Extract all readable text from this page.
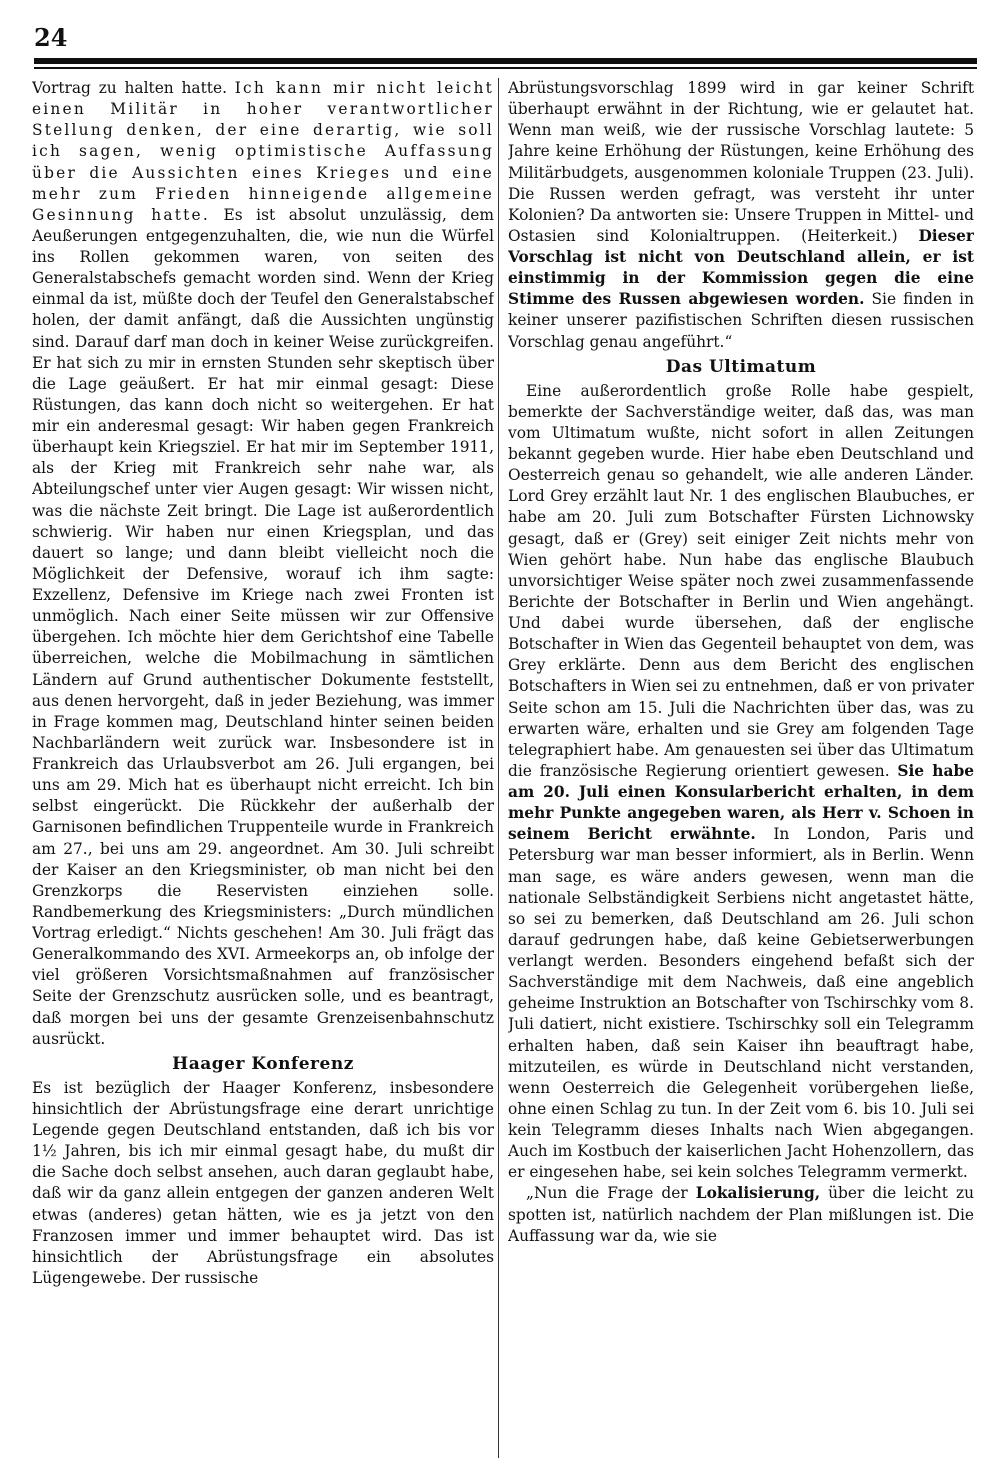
24

Vortrag zu halten hatte. Ich kann mir nicht leicht einen Militär in hoher verantwortlicher Stellung denken, der eine derartig, wie soll ich sagen, wenig optimistische Auffassung über die Aussichten eines Krieges und eine mehr zum Frieden hinneigende allgemeine Gesinnung hatte. Es ist absolut unzulässig, dem Aeußerungen entgegenzuhalten, die, wie nun die Würfel ins Rollen gekommen waren, von seiten des Generalstabschefs gemacht worden sind. Wenn der Krieg einmal da ist, müßte doch der Teufel den Generalstabschef holen, der damit anfängt, daß die Aussichten ungünstig sind. Darauf darf man doch in keiner Weise zurückgreifen. Er hat sich zu mir in ernsten Stunden sehr skeptisch über die Lage geäußert. Er hat mir einmal gesagt: Diese Rüstungen, das kann doch nicht so weitergehen. Er hat mir ein anderesmal gesagt: Wir haben gegen Frankreich überhaupt kein Kriegsziel. Er hat mir im September 1911, als der Krieg mit Frankreich sehr nahe war, als Abteilungschef unter vier Augen gesagt: Wir wissen nicht, was die nächste Zeit bringt. Die Lage ist außerordentlich schwierig. Wir haben nur einen Kriegsplan, und das dauert so lange; und dann bleibt vielleicht noch die Möglichkeit der Defensive, worauf ich ihm sagte: Exzellenz, Defensive im Kriege nach zwei Fronten ist unmöglich. Nach einer Seite müssen wir zur Offensive übergehen. Ich möchte hier dem Gerichtshof eine Tabelle überreichen, welche die Mobilmachung in sämtlichen Ländern auf Grund authentischer Dokumente feststellt, aus denen hervorgeht, daß in jeder Beziehung, was immer in Frage kommen mag, Deutschland hinter seinen beiden Nachbarländern weit zurück war. Insbesondere ist in Frankreich das Urlaubsverbot am 26. Juli ergangen, bei uns am 29. Mich hat es überhaupt nicht erreicht. Ich bin selbst eingerückt. Die Rückkehr der außerhalb der Garnisonen befindlichen Truppenteile wurde in Frankreich am 27., bei uns am 29. angeordnet. Am 30. Juli schreibt der Kaiser an den Kriegsminister, ob man nicht bei den Grenzkorps die Reservisten einziehen solle. Randbemerkung des Kriegsministers: „Durch mündlichen Vortrag erledigt.“ Nichts geschehen! Am 30. Juli frägt das Generalkommando des XVI. Armeekorps an, ob infolge der viel größeren Vorsichtsmaßnahmen auf französischer Seite der Grenzschutz ausrücken solle, und es beantragt, daß morgen bei uns der gesamte Grenzeisenbahnschutz ausrückt.

Haager Konferenz

Es ist bezüglich der Haager Konferenz, insbesondere hinsichtlich der Abrüstungsfrage eine derart unrichtige Legende gegen Deutschland entstanden, daß ich bis vor 1½ Jahren, bis ich mir einmal gesagt habe, du mußt dir die Sache doch selbst ansehen, auch daran geglaubt habe, daß wir da ganz allein entgegen der ganzen anderen Welt etwas (anderes) getan hätten, wie es ja jetzt von den Franzosen immer und immer behauptet wird. Das ist hinsichtlich der Abrüstungsfrage ein absolutes Lügengewebe. Der russische

Abrüstungsvorschlag 1899 wird in gar keiner Schrift überhaupt erwähnt in der Richtung, wie er gelautet hat. Wenn man weiß, wie der russische Vorschlag lautete: 5 Jahre keine Erhöhung der Rüstungen, keine Erhöhung des Militärbudgets, ausgenommen koloniale Truppen (23. Juli). Die Russen werden gefragt, was versteht ihr unter Kolonien? Da antworten sie: Unsere Truppen in Mittel- und Ostasien sind Kolonialtruppen. (Heiterkeit.) Dieser Vorschlag ist nicht von Deutschland allein, er ist einstimmig in der Kommission gegen die eine Stimme des Russen abgewiesen worden. Sie finden in keiner unserer pazifistischen Schriften diesen russischen Vorschlag genau angeführt.“

Das Ultimatum

Eine außerordentlich große Rolle habe gespielt, bemerkte der Sachverständige weiter, daß das, was man vom Ultimatum wußte, nicht sofort in allen Zeitungen bekannt gegeben wurde. Hier habe eben Deutschland und Oesterreich genau so gehandelt, wie alle anderen Länder. Lord Grey erzählt laut Nr. 1 des englischen Blaubuches, er habe am 20. Juli zum Botschafter Fürsten Lichnowsky gesagt, daß er (Grey) seit einiger Zeit nichts mehr von Wien gehört habe. Nun habe das englische Blaubuch unvorsichtiger Weise später noch zwei zusammenfassende Berichte der Botschafter in Berlin und Wien angehängt. Und dabei wurde übersehen, daß der englische Botschafter in Wien das Gegenteil behauptet von dem, was Grey erklärte. Denn aus dem Bericht des englischen Botschafters in Wien sei zu entnehmen, daß er von privater Seite schon am 15. Juli die Nachrichten über das, was zu erwarten wäre, erhalten und sie Grey am folgenden Tage telegraphiert habe. Am genauesten sei über das Ultimatum die französische Regierung orientiert gewesen. Sie habe am 20. Juli einen Konsularbericht erhalten, in dem mehr Punkte angegeben waren, als Herr v. Schoen in seinem Bericht erwähnte. In London, Paris und Petersburg war man besser informiert, als in Berlin. Wenn man sage, es wäre anders gewesen, wenn man die nationale Selbständigkeit Serbiens nicht angetastet hätte, so sei zu bemerken, daß Deutschland am 26. Juli schon darauf gedrungen habe, daß keine Gebietserwerbungen verlangt werden. Besonders eingehend befaßt sich der Sachverständige mit dem Nachweis, daß eine angeblich geheime Instruktion an Botschafter von Tschirschky vom 8. Juli datiert, nicht existiere. Tschirschky soll ein Telegramm erhalten haben, daß sein Kaiser ihn beauftragt habe, mitzuteilen, es würde in Deutschland nicht verstanden, wenn Oesterreich die Gelegenheit vorübergehen ließe, ohne einen Schlag zu tun. In der Zeit vom 6. bis 10. Juli sei kein Telegramm dieses Inhalts nach Wien abgegangen. Auch im Kostbuch der kaiserlichen Jacht Hohenzollern, das er eingesehen habe, sei kein solches Telegramm vermerkt.

„Nun die Frage der Lokalisierung, über die leicht zu spotten ist, natürlich nachdem der Plan mißlungen ist. Die Auffassung war da, wie sie
